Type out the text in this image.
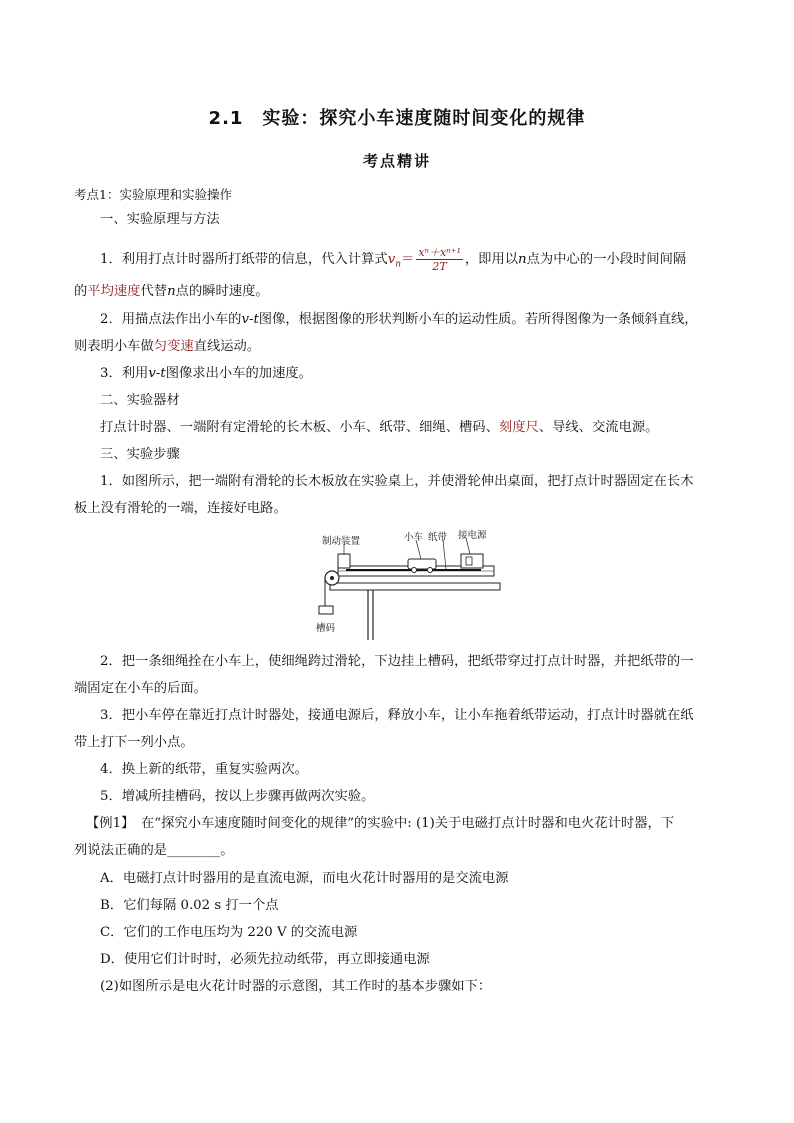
2.1　实验：探究小车速度随时间变化的规律
考点精讲
考点1：实验原理和实验操作
一、实验原理与方法
1．利用打点计时器所打纸带的信息，代入计算式$v_n= \frac{\text{xⁿ＋xⁿ⁺¹}}{2T}$ ，即用以n点为中心的一小段时间间隔
的平均速度代替n点的瞬时速度。
2．用描点法作出小车的v-t图像，根据图像的形状判断小车的运动性质。若所得图像为一条倾斜直线，
则表明小车做匀变速直线运动。
3．利用v-t图像求出小车的加速度。
二、实验器材
打点计时器、一端附有定滑轮的长木板、小车、纸带、细绳、槽码、刻度尺、导线、交流电源。
三、实验步骤
1．如图所示，把一端附有滑轮的长木板放在实验桌上，并使滑轮伸出桌面，把打点计时器固定在长木
板上没有滑轮的一端，连接好电路。
制动装置	小车 纸带 接电源
槽码
2．把一条细绳拴在小车上，使细绳跨过滑轮，下边挂上槽码，把纸带穿过打点计时器，并把纸带的一
端固定在小车的后面。
3．把小车停在靠近打点计时器处，接通电源后，释放小车，让小车拖着纸带运动，打点计时器就在纸
带上打下一列小点。
4．换上新的纸带，重复实验两次。
5．增减所挂槽码，按以上步骤再做两次实验。
【例1】　在“探究小车速度随时间变化的规律”的实验中: (1)关于电磁打点计时器和电火花计时器，下
列说法正确的是________。
A．电磁打点计时器用的是直流电源，而电火花计时器用的是交流电源
B．它们每隔 0.02 s 打一个点
C．它们的工作电压均为 220 V 的交流电源
D．使用它们计时时，必须先拉动纸带，再立即接通电源
(2)如图所示是电火花计时器的示意图，其工作时的基本步骤如下：
